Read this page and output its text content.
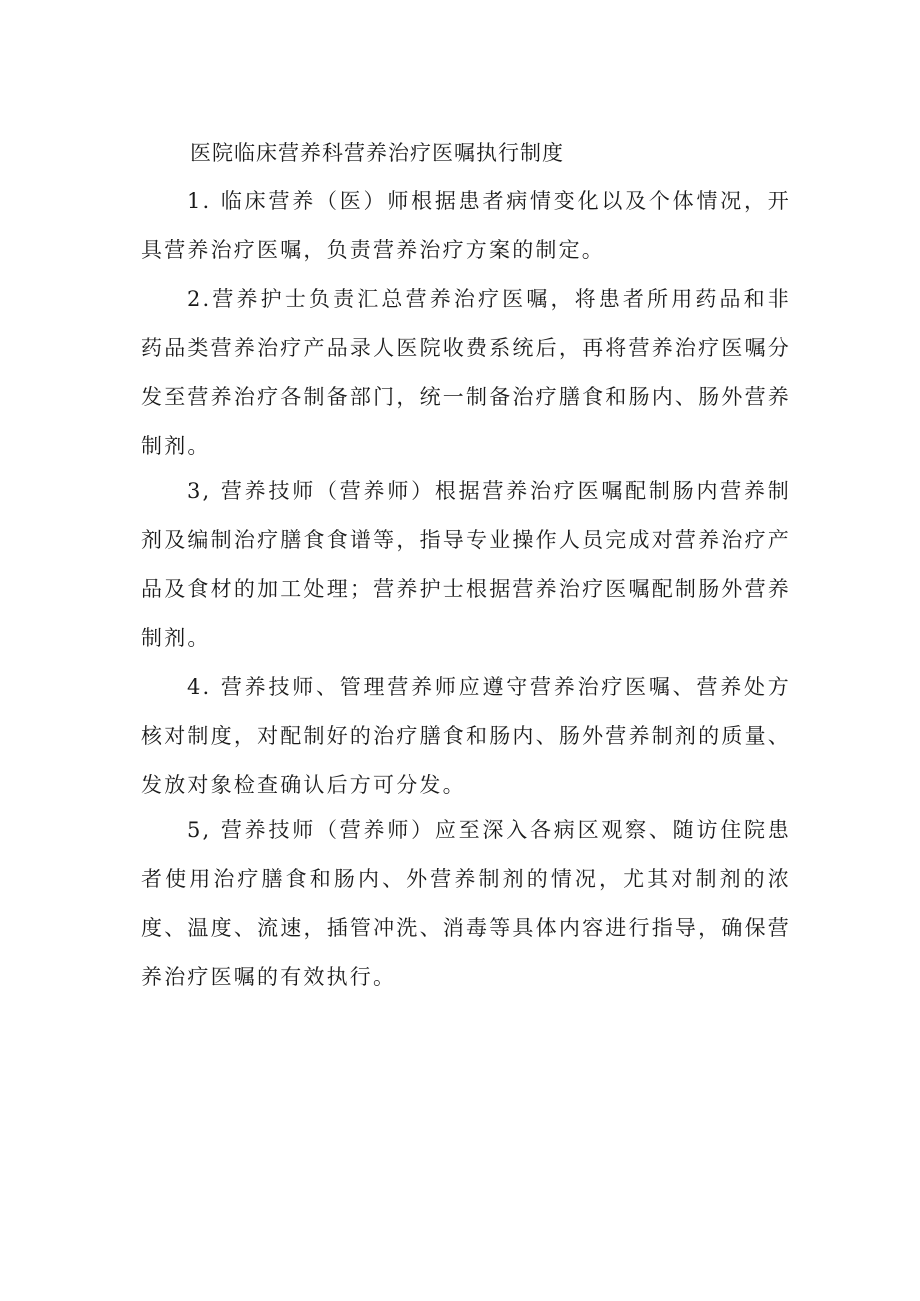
医院临床营养科营养治疗医嘱执行制度

1. 临床营养（医）师根据患者病情变化以及个体情况，开具营养治疗医嘱，负责营养治疗方案的制定。

2.营养护士负责汇总营养治疗医嘱，将患者所用药品和非药品类营养治疗产品录人医院收费系统后，再将营养治疗医嘱分发至营养治疗各制备部门，统一制备治疗膳食和肠内、肠外营养制剂。

3, 营养技师（营养师）根据营养治疗医嘱配制肠内营养制剂及编制治疗膳食食谱等，指导专业操作人员完成对营养治疗产品及食材的加工处理；营养护士根据营养治疗医嘱配制肠外营养制剂。

4. 营养技师、管理营养师应遵守营养治疗医嘱、营养处方核对制度，对配制好的治疗膳食和肠内、肠外营养制剂的质量、发放对象检查确认后方可分发。

5, 营养技师（营养师）应至深入各病区观察、随访住院患者使用治疗膳食和肠内、外营养制剂的情况，尤其对制剂的浓度、温度、流速，插管冲洗、消毒等具体内容进行指导，确保营养治疗医嘱的有效执行。
